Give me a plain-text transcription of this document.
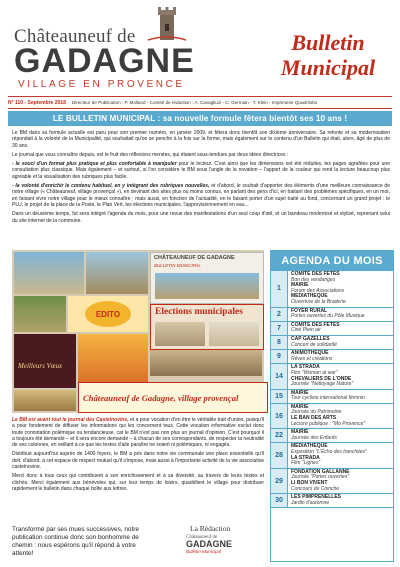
Châteauneuf de
GADAGNE
VILLAGE EN PROVENCE
Bulletin
Municipal
N° 110 - Septembre 2018 Directeur de Publication : P. Molland - Comité de rédaction : A. Cavagliuzi - C. Germain - T. Klein - Imprimerie Quadrilobo
LE BULLETIN MUNICIPAL : sa nouvelle formule fêtera bientôt ses 10 ans !

Le BM dans sa formule actuelle est paru pour son premier numéro, en janvier 2009, et fêtera donc bientôt son dixième anniversaire. Sa refonte et sa modernisation répondait à la volonté de la Municipalité, qui souhaitait qu'on se penche à la fois sur la forme, mais également sur le contenu d'un Bulletin qui était, alors, âgé de plus de 30 ans.

Le journal que vous connaître depuis, est le fruit des réflexions menées, qui étaient sous-tendues par deux idées directrices :

- le souci d'un format plus pratique et plus confortable à manipuler pour le lecteur. C'est ainsi que les dimensions ont été réduites, les pages agrafées pour une consultation plus classique. Mais également – et surtout, si l'on considère le BM sous l'angle de la novation – l'apport de la couleur qui rend la lecture beaucoup plus agréable et la visualisation des rubriques plus facile.

- la volonté d'enrichir le contenu habituel, en y intégrant des rubriques nouvelles, et d'abord, le souhait d'apporter des éléments d'une meilleure connaissance de notre village (« Châteauneuf, village provençal »), en devinant des sites plus ou moins connus, en parlant des gens d'ici, en traitant des problèmes spécifiques, en un mot, en faisant vivre notre village pour le mieux connaître ; mais aussi, en fonction de l'actualité, en le faisant porter d'un sujet traité au fond, concernant un grand projet : le PLU, le projet de la place de la Poste, le Plan Vert, les élections municipales, l'approvisionnement en eau...

Dans un deuxième temps, fut sera intégré l'agenda du mois, pour une revue des manifestations d'un seul coup d'œil, et un bandeau modernisé et stylisé, reprenant celui du site internet de la commune.

CHÂTEAUNEUF DE GADAGNE
BULLETIN MUNICIPAL
EDITO	Elections municipales
Meilleurs Vœux
Châteauneuf de Gadagne, village provençal

Le BM est avant tout le journal des Castelnovins, et a pour vocation d'en être le véritable trait d'union, puisqu'il a pour fondement de diffuser les informations qui les concernent tous. Cette vocation informative exclut donc toute connotation polémique ou tendancieuse, car le BM n'est pas non plus un journal d'opinion. C'est pourquoi il a toujours été demandé – et il sera encore demandé – à chacun de ses correspondants, de respecter la neutralité de ses colonnes, en veillant à ce que les textes d'aile paraître ne soient ni polémiques, ni engagés.

Distribué aujourd'hui auprès de 1400 foyers, le BM a pris dans notre vie communale une place essentielle qu'il doit, d'abord, à cet espace de respect mutuel qu'il s'impose, mais aussi à l'importante activité de la vie associative castelnovine.

Merci donc à tous ceux qui contribuent à son enrichissement et à sa diversité, au travers de leurs textes et clichés. Merci également aux bénévoles qui, sur leur temps de loisirs, quadrillent le village pour distribuer rapidement le bulletin dans chaque boîte aux lettres.

Transformé par ses mues successives, notre publication continue donc son bonhomme de chemin : nous espérons qu'il répond à votre attente!
La Rédaction
Châteauneuf de
GADAGNE
Bulletin Municipal
AGENDA DU MOIS
1
COMITE DES FETES
Bon des vendanges
MAIRIE
Forum des Associations
MEDIATHEQUE
Ouverture de la Braderie
2
FOYER RURAL
Portes ouvertes du Pôle Musique
7
COMITE DES FETES
Ciné Plein air
8
CAP GAZELLES
Concert de solidarité
9
ANIMOTHEQUE
Rêves et créations
14
LA STRADA
Film "Woman at war"
CHEVALIERS DE L'ONDE
Journée "Nettoyage Nature"
15
MAIRIE
Tour cycliste international féminin
16
MAIRIE
Journée du Patrimoine
LE BAN DES ARTS
Lecture publique : "Mo Provence"
22
MAIRIE
Journée des Enfants
28
MEDIATHEQUE
Exposition "L'Écho des tranchées"
LA STRADA
Film "Lignes"
29
FONDATION GALLANNE
Journée "Portes ouvertes"
LI BON VIVENT
Concours de Coinche
30
LES PIMPRENELLES
Jardin d'automne
